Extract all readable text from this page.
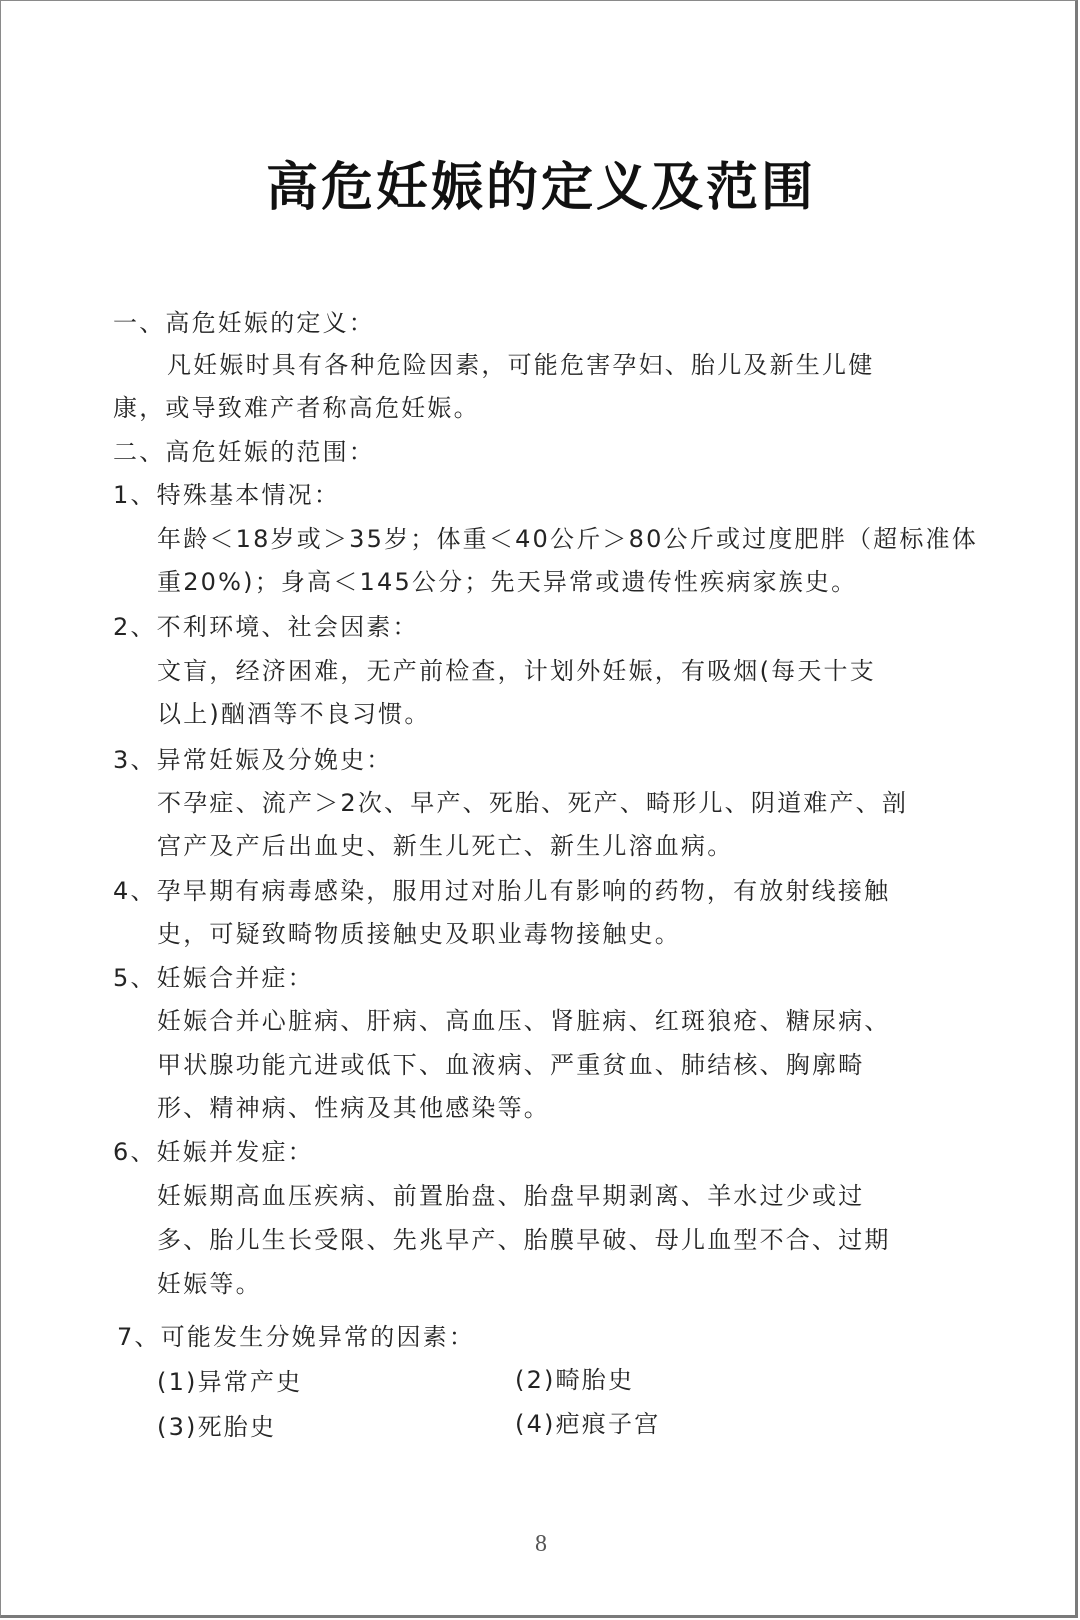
高危妊娠的定义及范围
一、高危妊娠的定义：
凡妊娠时具有各种危险因素，可能危害孕妇、胎儿及新生儿健
康，或导致难产者称高危妊娠。
二、高危妊娠的范围：
1、特殊基本情况：
年龄＜18岁或＞35岁；体重＜40公斤＞80公斤或过度肥胖（超标准体
重20%)；身高＜145公分；先天异常或遗传性疾病家族史。
2、不利环境、社会因素：
文盲，经济困难，无产前检查，计划外妊娠，有吸烟(每天十支
以上)酗酒等不良习惯。
3、异常妊娠及分娩史：
不孕症、流产＞2次、早产、死胎、死产、畸形儿、阴道难产、剖
宫产及产后出血史、新生儿死亡、新生儿溶血病。
4、孕早期有病毒感染，服用过对胎儿有影响的药物，有放射线接触
史，可疑致畸物质接触史及职业毒物接触史。
5、妊娠合并症：
妊娠合并心脏病、肝病、高血压、肾脏病、红斑狼疮、糖尿病、
甲状腺功能亢进或低下、血液病、严重贫血、肺结核、胸廓畸
形、精神病、性病及其他感染等。
6、妊娠并发症：
妊娠期高血压疾病、前置胎盘、胎盘早期剥离、羊水过少或过
多、胎儿生长受限、先兆早产、胎膜早破、母儿血型不合、过期
妊娠等。
7、可能发生分娩异常的因素：
(1)异常产史	(2)畸胎史
(3)死胎史	(4)疤痕子宫
8
